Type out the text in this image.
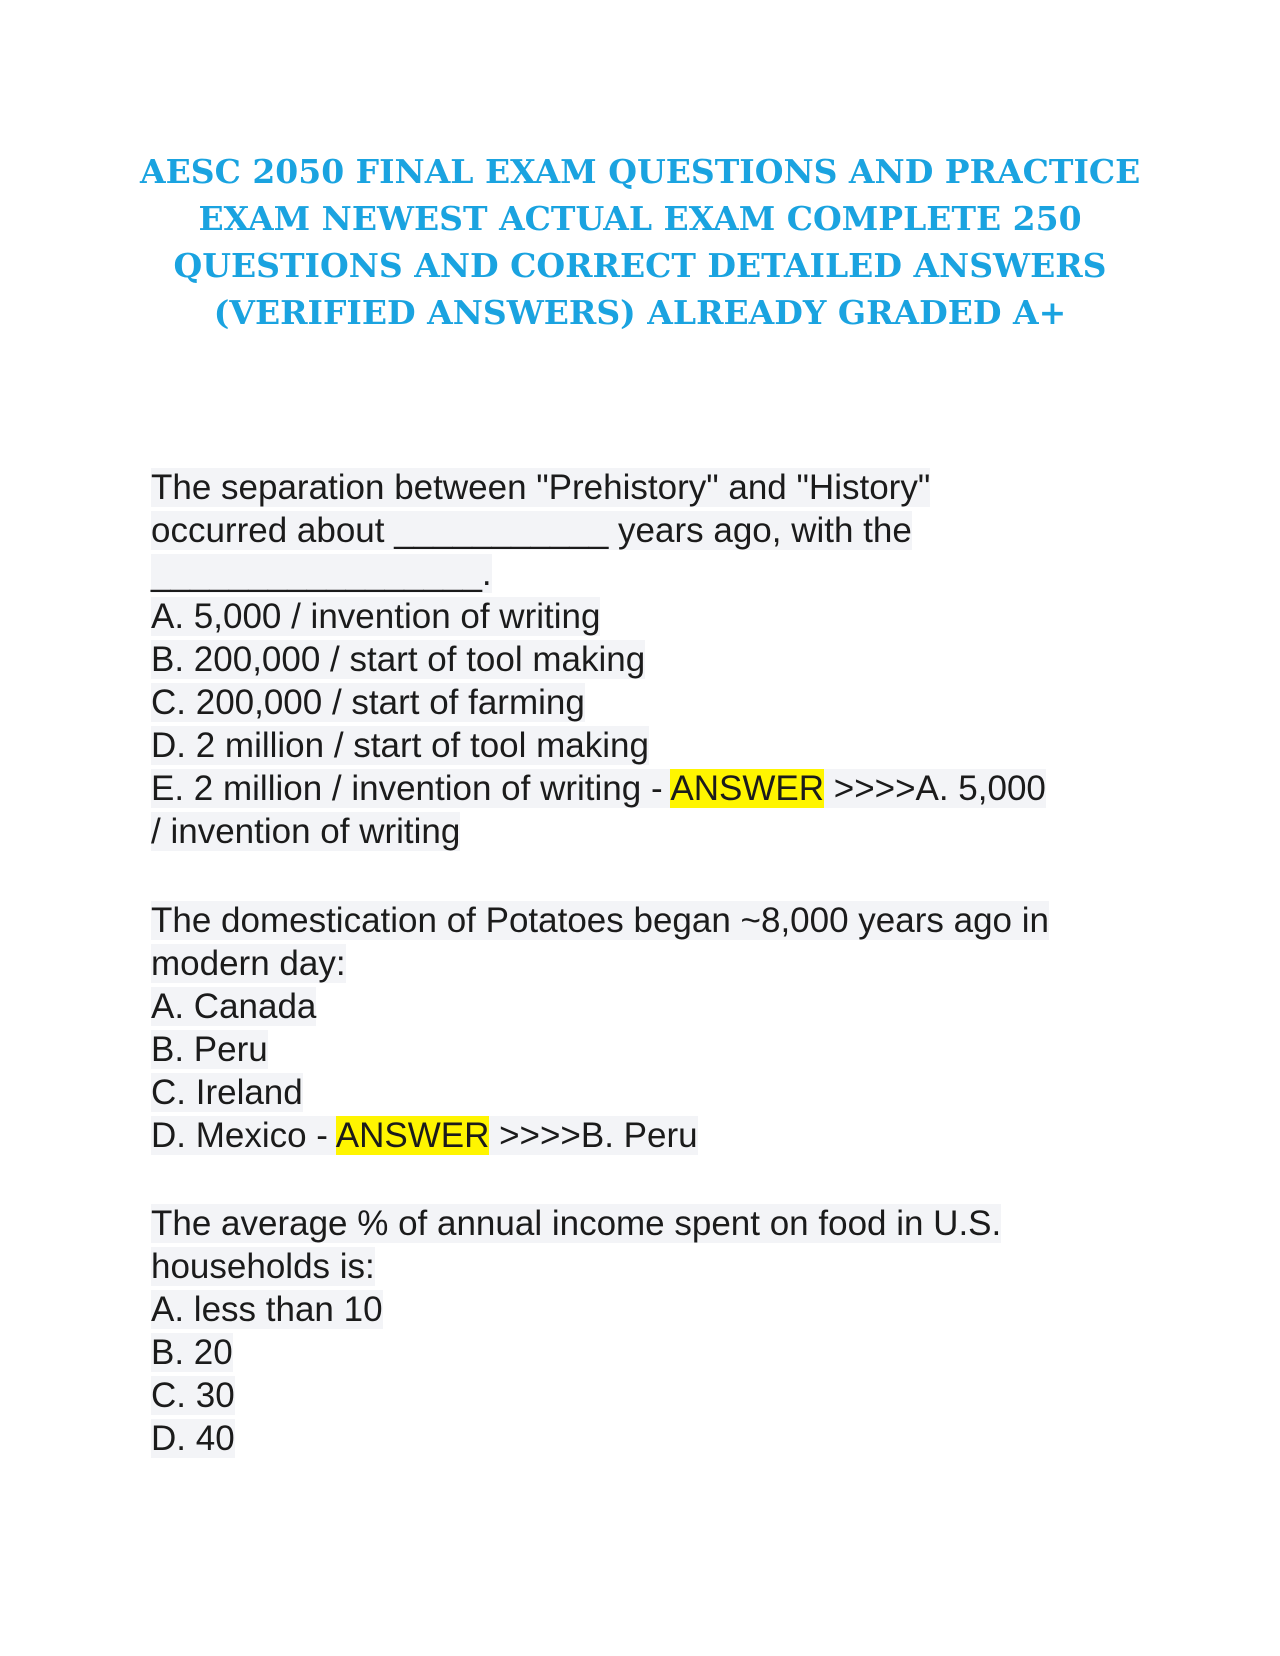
AESC 2050 FINAL EXAM QUESTIONS AND PRACTICE
EXAM NEWEST ACTUAL EXAM COMPLETE 250
QUESTIONS AND CORRECT DETAILED ANSWERS
(VERIFIED ANSWERS) ALREADY GRADED A+
The separation between "Prehistory" and "History"
occurred about ___________ years ago, with the
_________________.
A. 5,000 / invention of writing
B. 200,000 / start of tool making
C. 200,000 / start of farming
D. 2 million / start of tool making
E. 2 million / invention of writing - ANSWER >>>>A. 5,000
/ invention of writing
The domestication of Potatoes began ~8,000 years ago in
modern day:
A. Canada
B. Peru
C. Ireland
D. Mexico - ANSWER >>>>B. Peru
The average % of annual income spent on food in U.S.
households is:
A. less than 10
B. 20
C. 30
D. 40
